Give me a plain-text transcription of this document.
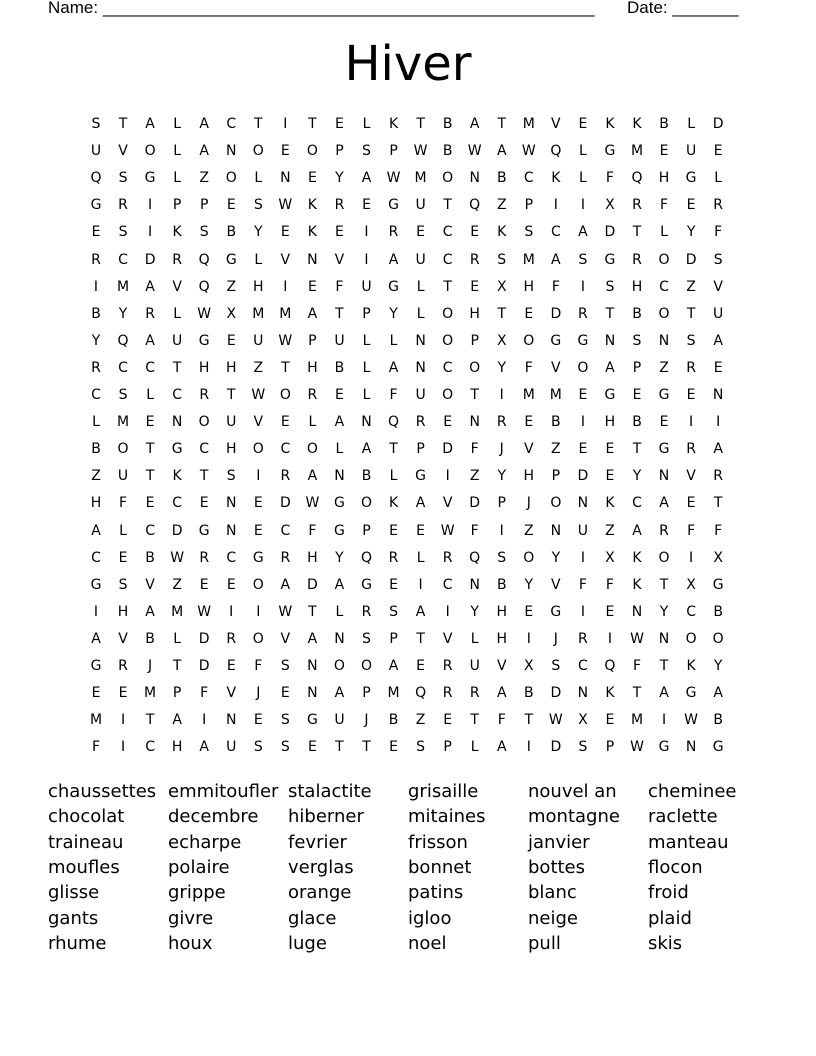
Name: ____________________________________________________ Date: _______
Hiver
S	T	A	L	A	C	T	I	T	E	L	K	T	B	A	T	M	V	E	K	K	B	L	D
U	V	O	L	A	N	O	E	O	P	S	P	W	B	W	A	W	Q	L	G	M	E	U	E
Q	S	G	L	Z	O	L	N	E	Y	A	W	M	O	N	B	C	K	L	F	Q	H	G	L
G	R	I	P	P	E	S	W	K	R	E	G	U	T	Q	Z	P	I	I	X	R	F	E	R
E	S	I	K	S	B	Y	E	K	E	I	R	E	C	E	K	S	C	A	D	T	L	Y	F
R	C	D	R	Q	G	L	V	N	V	I	A	U	C	R	S	M	A	S	G	R	O	D	S
I	M	A	V	Q	Z	H	I	E	F	U	G	L	T	E	X	H	F	I	S	H	C	Z	V
B	Y	R	L	W	X	M	M	A	T	P	Y	L	O	H	T	E	D	R	T	B	O	T	U
Y	Q	A	U	G	E	U	W	P	U	L	L	N	O	P	X	O	G	G	N	S	N	S	A
R	C	C	T	H	H	Z	T	H	B	L	A	N	C	O	Y	F	V	O	A	P	Z	R	E
C	S	L	C	R	T	W	O	R	E	L	F	U	O	T	I	M	M	E	G	E	G	E	N
L	M	E	N	O	U	V	E	L	A	N	Q	R	E	N	R	E	B	I	H	B	E	I	I
B	O	T	G	C	H	O	C	O	L	A	T	P	D	F	J	V	Z	E	E	T	G	R	A
Z	U	T	K	T	S	I	R	A	N	B	L	G	I	Z	Y	H	P	D	E	Y	N	V	R
H	F	E	C	E	N	E	D	W	G	O	K	A	V	D	P	J	O	N	K	C	A	E	T
A	L	C	D	G	N	E	C	F	G	P	E	E	W	F	I	Z	N	U	Z	A	R	F	F
C	E	B	W	R	C	G	R	H	Y	Q	R	L	R	Q	S	O	Y	I	X	K	O	I	X
G	S	V	Z	E	E	O	A	D	A	G	E	I	C	N	B	Y	V	F	F	K	T	X	G
I	H	A	M	W	I	I	W	T	L	R	S	A	I	Y	H	E	G	I	E	N	Y	C	B
A	V	B	L	D	R	O	V	A	N	S	P	T	V	L	H	I	J	R	I	W	N	O	O
G	R	J	T	D	E	F	S	N	O	O	A	E	R	U	V	X	S	C	Q	F	T	K	Y
E	E	M	P	F	V	J	E	N	A	P	M	Q	R	R	A	B	D	N	K	T	A	G	A
M	I	T	A	I	N	E	S	G	U	J	B	Z	E	T	F	T	W	X	E	M	I	W	B
F	I	C	H	A	U	S	S	E	T	T	E	S	P	L	A	I	D	S	P	W	G	N	G
chaussettes
chocolat
traineau
moufles
glisse
gants
rhume
emmitoufler
decembre
echarpe
polaire
grippe
givre
houx
stalactite
hiberner
fevrier
verglas
orange
glace
luge
grisaille
mitaines
frisson
bonnet
patins
igloo
noel
nouvel an
montagne
janvier
bottes
blanc
neige
pull
cheminee
raclette
manteau
flocon
froid
plaid
skis
